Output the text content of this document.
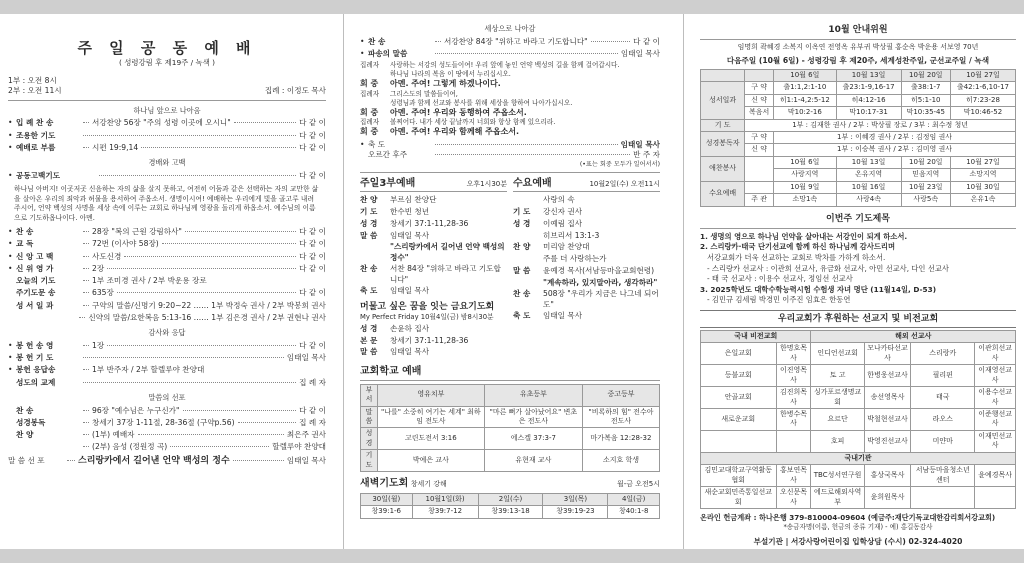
주 일 공 동 예 배
( 성령강림 후 제19주 / 녹색 )
1부 : 오전 8시
2부 : 오전 11시	집례 : 이정도 목사
하나님 앞으로 나아옴
• 입 례 찬 송	서강찬양 56장 "주의 성령 이곳에 오시니"	다 같 이
• 조용한 기도	다 같 이
• 예배로 부름	시편 19:9,14	다 같 이
경배와 고백
• 공동고백기도	다 같 이

하나님 아버지! 이곳저곳 신음하는 자의 삶을 살지 못하고, 여전히 어둠과 같은 선택하는 자의 교만한 삶을 살아온 우리의 죄악과 허물을 용서하여 주옵소서. 생명이시여! 예배하는 우리에게 빛을 골고루 내려주시어, 언약 백성의 사명을 세상 속에 이루는 교회로 하나님께 영광을 돌리게 하옵소서. 예수님의 이름으로 기도하옵나이다. 아멘.

• 찬 송	28장 "복의 근원 강림하사"	다 같 이
• 교 독	72번 (이사야 58장)	다 같 이
• 신 앙 고 백	사도신경	다 같 이
• 신 위 영 가	2장	다 같 이
오늘의 기도	1부 조미경 권사 / 2부 박운용 장로
주기도문 송	635장	다 같 이
성 서 일 과	구약의 말씀/신명기 9:20~22 …… 1부 박정숙 권사 / 2부 박봉희 권사
신약의 말씀/요한복음 5:13-16 …… 1부 김은경 권사 / 2부 권현나 권사
감사와 응답
• 봉 헌 송 영	1장	다 같 이
• 봉 헌 기 도	임태일 목사
• 봉헌 응답송	1부 반주자 / 2부 할렐루야 찬양대
성도의 교제	집 례 자
말씀의 선포
찬 송	96장 "예수님은 누구신가"	다 같 이
성경봉독	창세기 37장 1-11절, 28-36절 (구약p.56)	집 례 자
찬 양	(1부) 예배자	최은주 권사
(2부) 음성 (정원정 곡)	할렐루야 찬양대
말 씀 선 포	스리랑카에서 길어낸 언약 백성의 정수	임태일 목사
세상으로 나아감
• 찬 송	서강찬양 84장 "위하고 바라고 기도합니다"	다 같 이
• 파송의 말씀	임태일 목사
집례자	사랑하는 서강의 성도들이여! 우리 앞에 놓인 언약 백성의 길을 함께 걸어갑시다.
하나님 나라의 복음 이 땅에서 누리십시오.
회 중	아멘. 주여! 그렇게 하겠나이다.
집례자	그리스도의 말씀들이여,
성령님과 함께 선교와 봉사를 위해 세상을 향하여 나아가십시오.
회 중	아멘. 주여! 우리와 동행하여 주옵소서.
집례자	볼찌어다. 내가 세상 끝날까지 너희와 항상 함께 있으리라.
회 중	아멘. 주여! 우리와 함께해 주옵소서.
• 축 도	임태일 목사
오르간 후주	반 주 자
(•표는 회중 모두가 일어서서)
주일3부예배	오후1시30분
찬 양	부르심 찬양단
기 도	한수빈 청년
성 경	창세기 37:1-11,28-36
말 씀	임태일 목사
"스리랑카에서 길어낸 언약 백성의 정수"
찬 송	서찬 84장 "위하고 바라고 기도합니다"
축 도	임태일 목사
머물고 싶은 꿈을 잇는 금요기도회
My Perfect Friday 10월4일(금) 밤8시30분
성 경	손윤하 집사
본 문	창세기 37:1-11,28-36
말 씀	임태일 목사
수요예배	10월2일(수) 오전11시
사랑의 속
기 도	강신자 권사
성 경	이예림 집사
히브리서 13:1-3
찬 양	미리암 찬양대
주를 더 사랑하는가
말 씀	윤예경 목사(서남등마을교회현령)
"계속하라, 있지말아라, 생각하라"
찬 송	508장 "우리가 지금은 나그네 되어도"
축 도	임태일 목사
교회학교 예배
부서	영유치부	유초등부	중고등부
말씀	"나를" 소중히 여기는 세계" 최하임 전도사	"마른 뼈가 살아났어요" 변초은 전도사	"비록하의 힘" 전수아 전도사
성경	고린도전서 3:16	에스겔 37:3-7	마가복음 12:28-32
기도	박예은 교사	유현재 교사	소지호 학생
새벽기도회 창세기 강해	월-금 오전5시
30일(월)	10월1일(화)	2일(수)	3일(목)	4일(금)
창39:1-6	창39:7-12	창39:13-18	창39:19-23	창40:1-8
10월 안내위원
임명희 곽혜경 소복지 이옥연 전영옥 유부귀 박상필 홍순옥 박운용 서보영 70년
다음주일 (10월 6일) - 성령강림 후 제20주, 세계성찬주일, 군선교주일 / 녹색
		10월 6일	10월 13일	10월 20일	10월 27일
성서일과	구 약	출1:1,2:1-10	출23:1-9,16-17	출38:1-7	출42:1-6,10-17
	신 약	히1:1-4,2:5-12	히4:12-16	히5:1-10	히7:23-28
	복음서	막10:2-16	막10:17-31	막10:35-45	막10:46-52
기 도	1부 : 김재한 권사 / 2부 : 박상필 장로 / 3부 : 최수정 청년				
성경봉독자	구 약	1부 : 이혜경 권사 / 2부 : 김정임 권사			
	신 약	1부 : 이승복 권사 / 2부 : 김미영 권사			
애찬봉사		10월 6일	10월 13일	10월 20일	10월 27일
		사랑지역	온유지역	믿음지역	소망지역
수요예배		10월 9일	10월 16일	10월 23일	10월 30일
	주 관	소망1속	사랑4속	사랑5속	온유1속
이번주 기도제목
1. 생명의 영으로 하나님 언약을 살아내는 서강인이 되게 하소서.
2. 스리랑카·태국 단기선교에 함께 하신 하나님께 감사드리며
서강교회가 더욱 선교하는 교회로 박차를 가하게 하소서.
- 스리랑카 선교사 : 이관희 선교사, 유금화 선교사, 아민 선교사, 다인 선교사
- 태 국 선교사 : 이용수 선교사, 정임선 선교사
3. 2025학년도 대학수학능력시험 수험생 자녀 명단 (11월14일, D-53)
- 김민규 김세림 박경민 이주진 임효은 한동연
우리교회가 후원하는 선교지 및 비전교회
국내 비전교회		해외 선교사			
은일교회	한명호목사	인디언선교회	모나카타선교사	스리랑카	이관희선교사
등불교회	이진영목사	토 고	한병웅선교사	필리핀	이재영선교사
안골교회	김진희목사	싱가포르생명교회	송선영목사	태국	이용수선교사
새로운교회	한병수목사	요르단	박철현선교사	라오스	이준행선교사
		호피	박영진선교사	미얀마	이재민선교사
국내기관					
김민교대학교구역활동협회	홍보연목사	TBC성서연구원	홍상국목사	서남등마을청소년센터	윤예경목사
새순교회민족통일선교회	오신문목사	에드로해외사역부	윤희원목사		
온라인 헌금계좌 : 하나은행 379-810004-09604 (예금주:재단기독교대한감리회서강교회)
*송금자명(이름, 헌금의 종류 기재) - 예) 홍길동감사
부설기관 | 서강사랑어린이집 입학상담 (수시) 02-324-4020
